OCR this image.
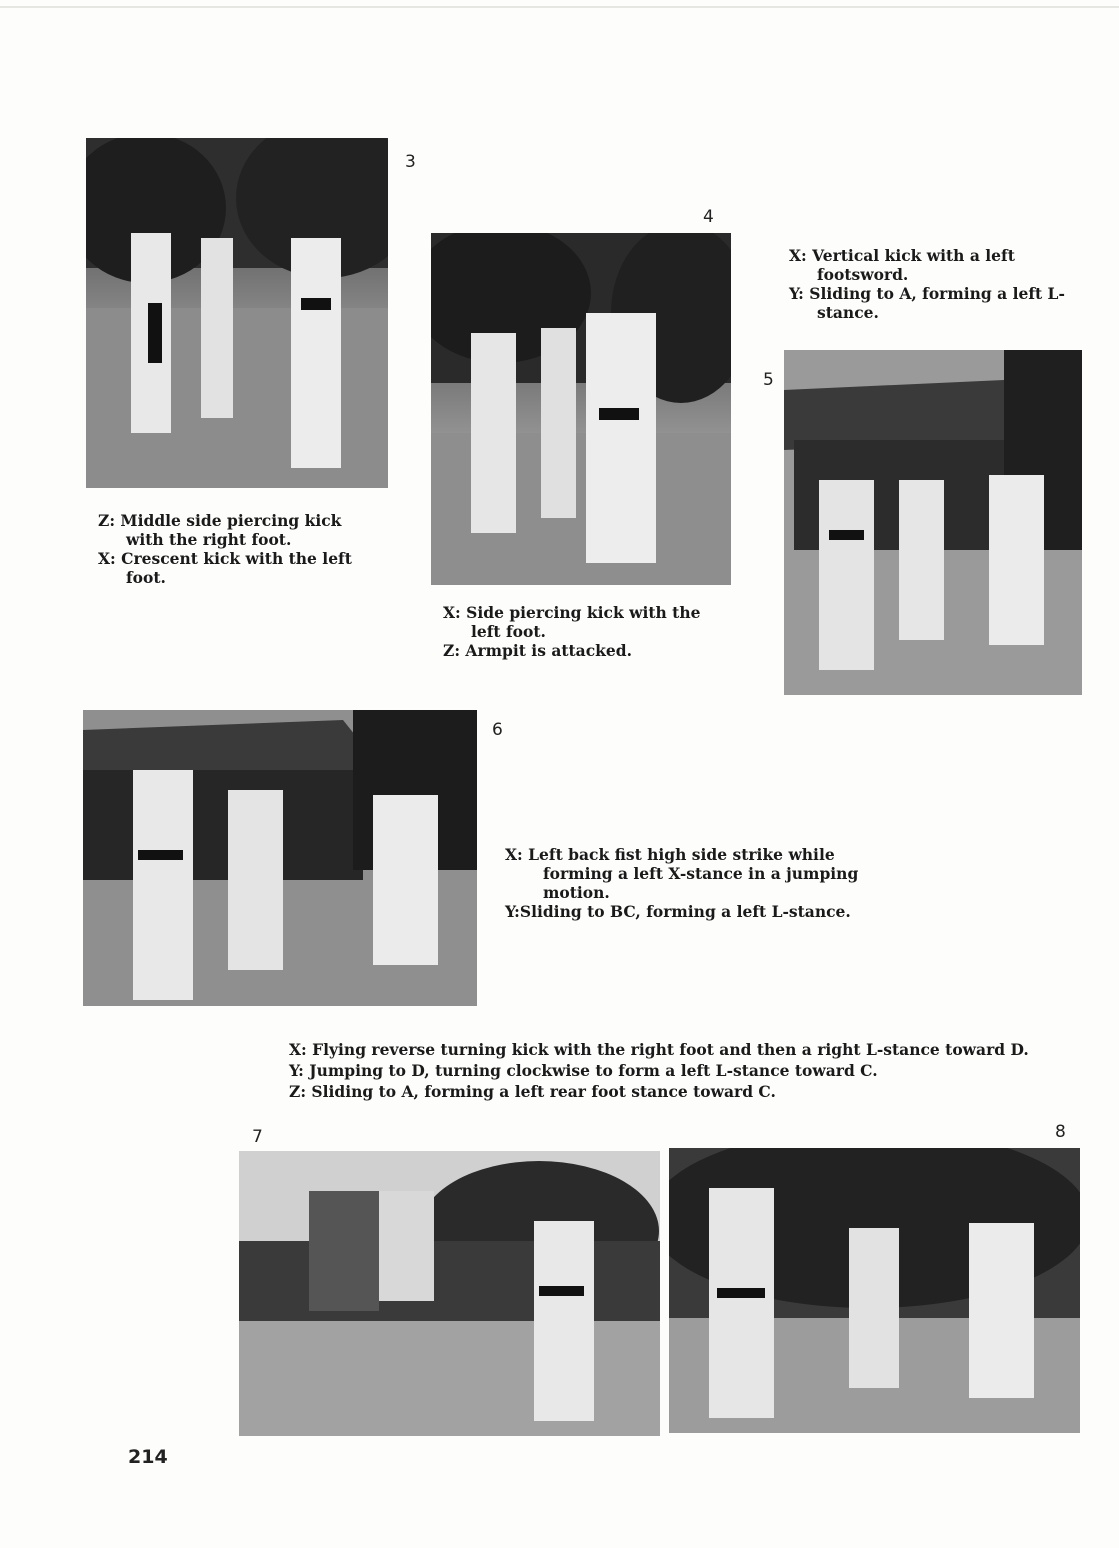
3

Z: Middle side piercing kick with the right foot.

X: Crescent kick with the left foot.

4

X: Side piercing kick with the left foot.

Z: Armpit is attacked.

X: Vertical kick with a left footsword.

Y: Sliding to A, forming a left L-stance.

5
6

X: Left back fist high side strike while forming a left X-stance in a jumping motion.

Y:Sliding to BC, forming a left L-stance.

X: Flying reverse turning kick with the right foot and then a right L-stance toward D.

Y: Jumping to D, turning clockwise to form a left L-stance toward C.

Z: Sliding to A, forming a left rear foot stance toward C.

7	8
214
